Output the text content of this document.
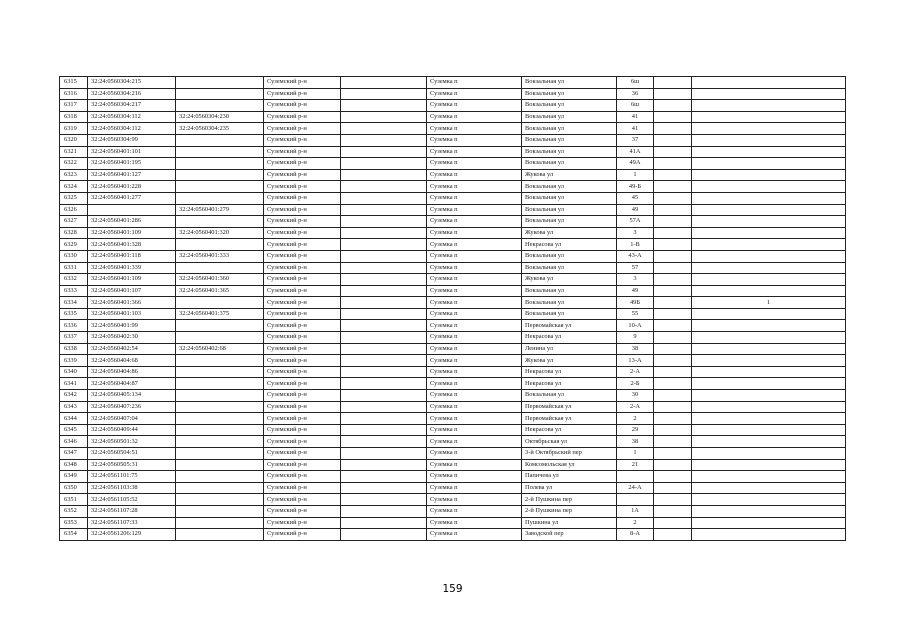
6315	32:24:0560304:215		Суземский р-н		Суземка п	Вокзальная ул	6ш		
6316	32:24:0560304:216		Суземский р-н		Суземка п	Вокзальная ул	36		
6317	32:24:0560304:217		Суземский р-н		Суземка п	Вокзальная ул	6ш		
6318	32:24:0560304:112	32:24:0560304:230	Суземский р-н		Суземка п	Вокзальная ул	41		
6319	32:24:0560304:112	32:24:0560304:235	Суземский р-н		Суземка п	Вокзальная ул	41		
6320	32:24:0560304:99		Суземский р-н		Суземка п	Вокзальная ул	37		
6321	32:24:0560401:101		Суземский р-н		Суземка п	Вокзальная ул	41А		
6322	32:24:0560401:195		Суземский р-н		Суземка п	Вокзальная ул	49А		
6323	32:24:0560401:127		Суземский р-н		Суземка п	Жукова ул	1		
6324	32:24:0560401:228		Суземский р-н		Суземка п	Вокзальная ул	49-Б		
6325	32:24:0560401:277		Суземский р-н		Суземка п	Вокзальная ул	45		
6326		32:24:0560401:279	Суземский р-н		Суземка п	Вокзальная ул	49		
6327	32:24:0560401:286		Суземский р-н		Суземка п	Вокзальная ул	57А		
6328	32:24:0560401:109	32:24:0560401:320	Суземский р-н		Суземка п	Жукова ул	3		
6329	32:24:0560401:328		Суземский р-н		Суземка п	Некрасова ул	1-В		
6330	32:24:0560401:118	32:24:0560401:333	Суземский р-н		Суземка п	Вокзальная ул	43-А		
6331	32:24:0560401:339		Суземский р-н		Суземка п	Вокзальная ул	57		
6332	32:24:0560401:109	32:24:0560401:360	Суземский р-н		Суземка п	Жукова ул	3		
6333	32:24:0560401:107	32:24:0560401:365	Суземский р-н		Суземка п	Вокзальная ул	49		
6334	32:24:0560401:366		Суземский р-н		Суземка п	Вокзальная ул	49Б		1
6335	32:24:0560401:103	32:24:0560401:375	Суземский р-н		Суземка п	Вокзальная ул	55		
6336	32:24:0560401:99		Суземский р-н		Суземка п	Первомайская ул	10-А		
6337	32:24:0560402:30		Суземский р-н		Суземка п	Некрасова ул	9		
6338	32:24:0560402:54	32:24:0560402:68	Суземский р-н		Суземка п	Ленина ул	38		
6339	32:24:0560404:68		Суземский р-н		Суземка п	Жукова ул	13-А		
6340	32:24:0560404:86		Суземский р-н		Суземка п	Некрасова ул	2-А		
6341	32:24:0560404:87		Суземский р-н		Суземка п	Некрасова ул	2-Б		
6342	32:24:0560405:134		Суземский р-н		Суземка п	Вокзальная ул	30		
6343	32:24:0560407:236		Суземский р-н		Суземка п	Первомайская ул	2-А		
6344	32:24:0560407:04		Суземский р-н		Суземка п	Первомайская ул	2		
6345	32:24:0560409:44		Суземский р-н		Суземка п	Некрасова ул	29		
6346	32:24:0560501:32		Суземский р-н		Суземка п	Октябрьская ул	38		
6347	32:24:0560504:51		Суземский р-н		Суземка п	3-й Октябрьский пер	1		
6348	32:24:0560505:31		Суземский р-н		Суземка п	Комсомольская ул	21		
6349	32:24:0561101:75		Суземский р-н		Суземка п	Папичева ул			
6350	32:24:0561103:38		Суземский р-н		Суземка п	Полева ул	24-А		
6351	32:24:0561105:52		Суземский р-н		Суземка п	2-й Пушкина пер			
6352	32:24:0561107:28		Суземский р-н		Суземка п	2-й Пушкина пер	1А		
6353	32:24:0561107:33		Суземский р-н		Суземка п	Пушкина ул	2		
6354	32:24:0561206:129		Суземский р-н		Суземка п	Заводской пер	8-А		
159
